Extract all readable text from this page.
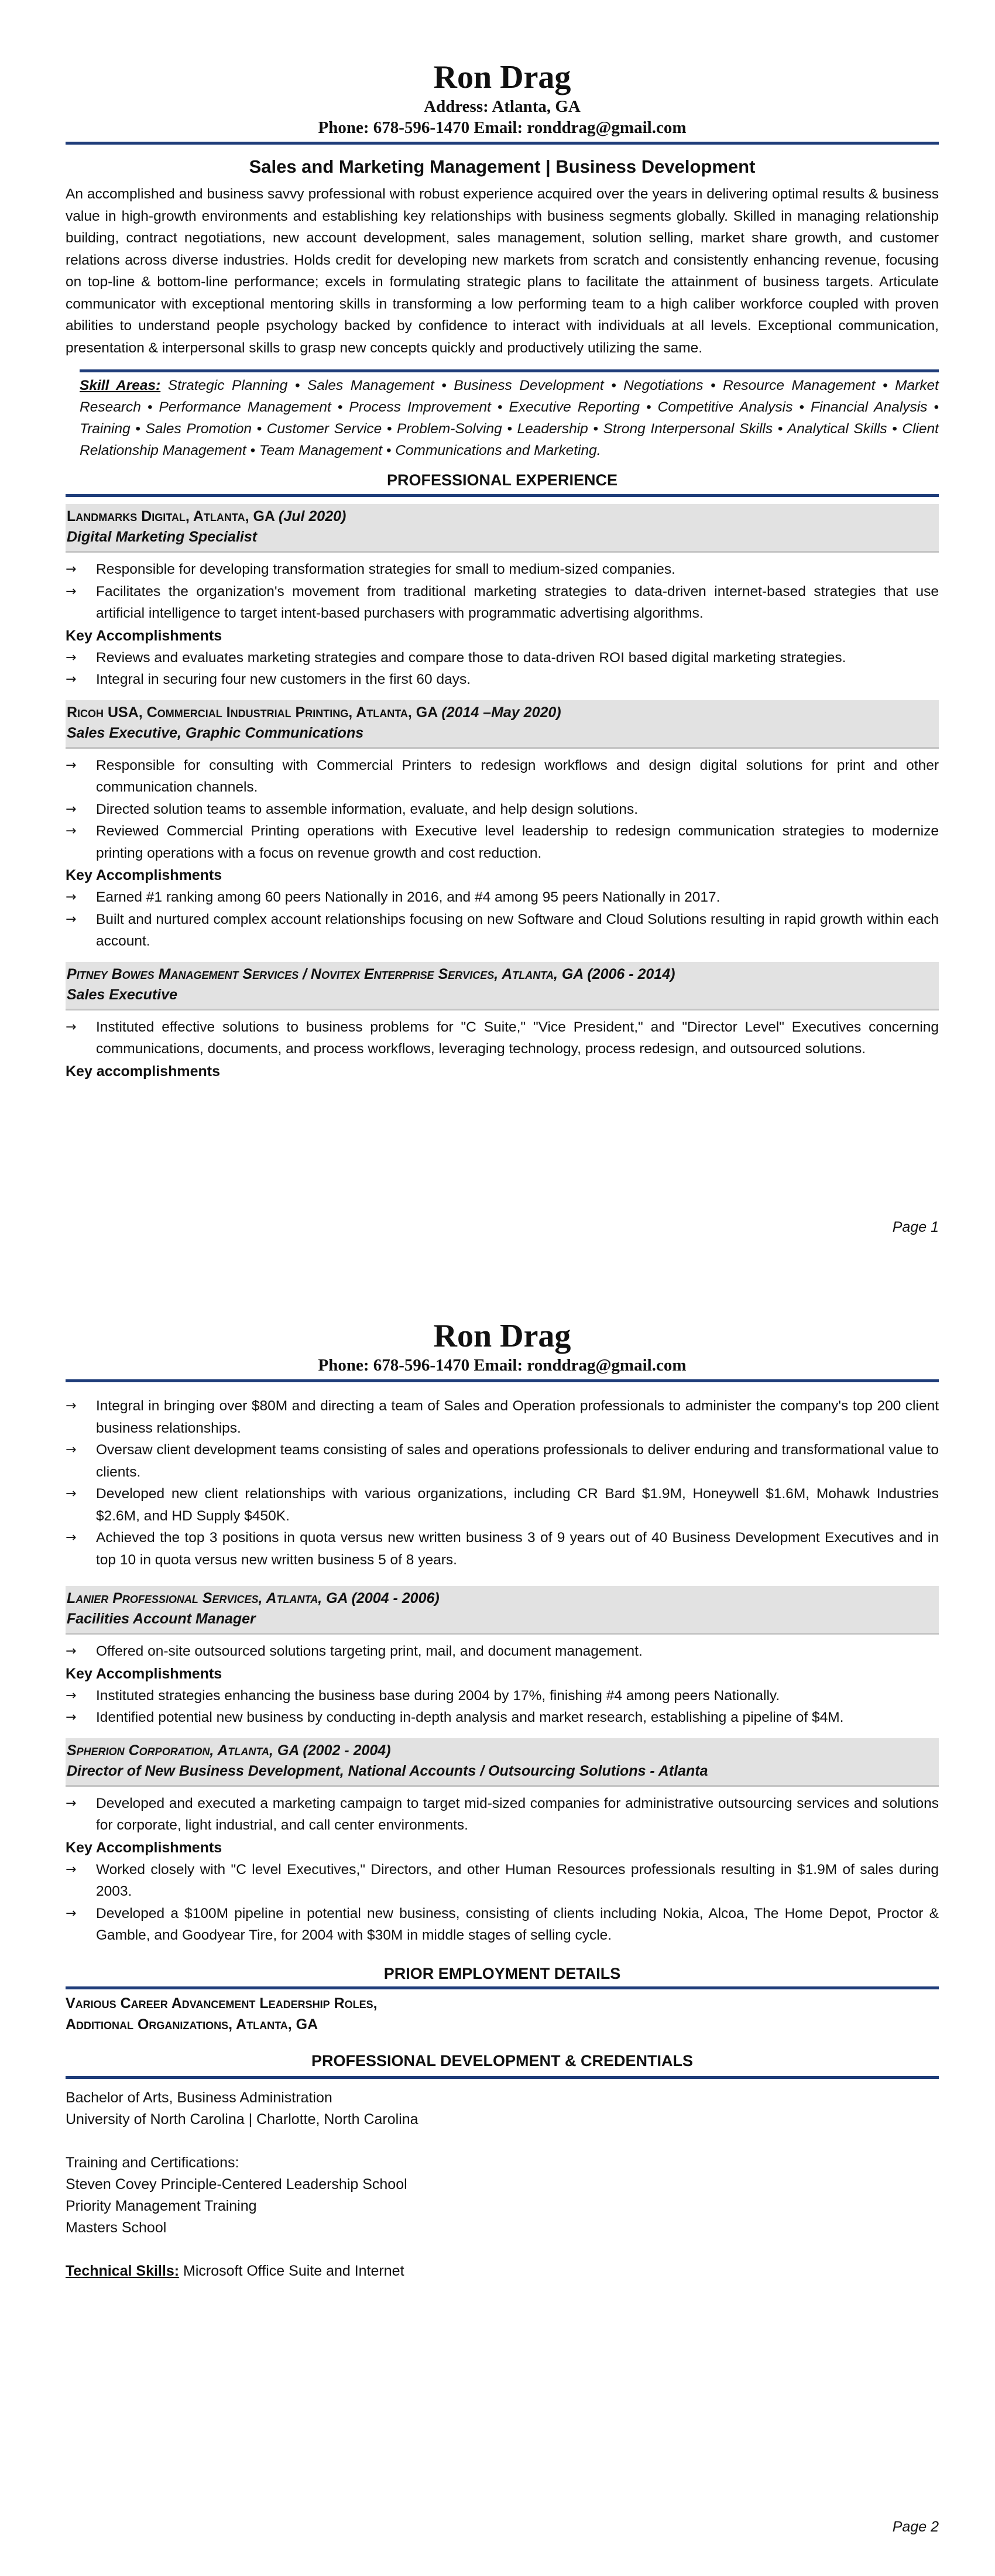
Ron Drag

Address: Atlanta, GA

Phone: 678-596-1470 Email: ronddrag@gmail.com

Sales and Marketing Management | Business Development

An accomplished and business savvy professional with robust experience acquired over the years in delivering optimal results & business value in high-growth environments and establishing key relationships with business segments globally. Skilled in managing relationship building, contract negotiations, new account development, sales management, solution selling, market share growth, and customer relations across diverse industries. Holds credit for developing new markets from scratch and consistently enhancing revenue, focusing on top-line & bottom-line performance; excels in formulating strategic plans to facilitate the attainment of business targets. Articulate communicator with exceptional mentoring skills in transforming a low performing team to a high caliber workforce coupled with proven abilities to understand people psychology backed by confidence to interact with individuals at all levels. Exceptional communication, presentation & interpersonal skills to grasp new concepts quickly and productively utilizing the same.

Skill Areas: Strategic Planning • Sales Management • Business Development • Negotiations • Resource Management • Market Research • Performance Management • Process Improvement • Executive Reporting • Competitive Analysis • Financial Analysis • Training • Sales Promotion • Customer Service • Problem-Solving • Leadership • Strong Interpersonal Skills • Analytical Skills • Client Relationship Management • Team Management • Communications and Marketing.

PROFESSIONAL EXPERIENCE
Landmarks Digital, Atlanta, GA (Jul 2020)
Digital Marketing Specialist
→ Responsible for developing transformation strategies for small to medium-sized companies.
→ Facilitates the organization's movement from traditional marketing strategies to data-driven internet-based strategies that use artificial intelligence to target intent-based purchasers with programmatic advertising algorithms.

Key Accomplishments

→ Reviews and evaluates marketing strategies and compare those to data-driven ROI based digital marketing strategies.
→ Integral in securing four new customers in the first 60 days.
Ricoh USA, Commercial Industrial Printing, Atlanta, GA (2014 –May 2020)
Sales Executive, Graphic Communications
→ Responsible for consulting with Commercial Printers to redesign workflows and design digital solutions for print and other communication channels.
→ Directed solution teams to assemble information, evaluate, and help design solutions.
→ Reviewed Commercial Printing operations with Executive level leadership to redesign communication strategies to modernize printing operations with a focus on revenue growth and cost reduction.

Key Accomplishments

→ Earned #1 ranking among 60 peers Nationally in 2016, and #4 among 95 peers Nationally in 2017.
→ Built and nurtured complex account relationships focusing on new Software and Cloud Solutions resulting in rapid growth within each account.
Pitney Bowes Management Services / Novitex Enterprise Services, Atlanta, GA (2006 - 2014)
Sales Executive
→ Instituted effective solutions to business problems for "C Suite," "Vice President," and "Director Level" Executives concerning communications, documents, and process workflows, leveraging technology, process redesign, and outsourced solutions.

Key accomplishments

Page 1
Ron Drag

Phone: 678-596-1470 Email: ronddrag@gmail.com

→ Integral in bringing over $80M and directing a team of Sales and Operation professionals to administer the company's top 200 client business relationships.
→ Oversaw client development teams consisting of sales and operations professionals to deliver enduring and transformational value to clients.
→ Developed new client relationships with various organizations, including CR Bard $1.9M, Honeywell $1.6M, Mohawk Industries $2.6M, and HD Supply $450K.
→ Achieved the top 3 positions in quota versus new written business 3 of 9 years out of 40 Business Development Executives and in top 10 in quota versus new written business 5 of 8 years.
Lanier Professional Services, Atlanta, GA (2004 - 2006)
Facilities Account Manager
→ Offered on-site outsourced solutions targeting print, mail, and document management.

Key Accomplishments

→ Instituted strategies enhancing the business base during 2004 by 17%, finishing #4 among peers Nationally.
→ Identified potential new business by conducting in-depth analysis and market research, establishing a pipeline of $4M.
Spherion Corporation, Atlanta, GA (2002 - 2004)
Director of New Business Development, National Accounts / Outsourcing Solutions - Atlanta
→ Developed and executed a marketing campaign to target mid-sized companies for administrative outsourcing services and solutions for corporate, light industrial, and call center environments.

Key Accomplishments

→ Worked closely with "C level Executives," Directors, and other Human Resources professionals resulting in $1.9M of sales during 2003.
→ Developed a $100M pipeline in potential new business, consisting of clients including Nokia, Alcoa, The Home Depot, Proctor & Gamble, and Goodyear Tire, for 2004 with $30M in middle stages of selling cycle.
PRIOR EMPLOYMENT DETAILS
Various Career Advancement Leadership Roles,
Additional Organizations, Atlanta, GA
PROFESSIONAL DEVELOPMENT & CREDENTIALS

Bachelor of Arts, Business Administration

University of North Carolina | Charlotte, North Carolina

Training and Certifications:

Steven Covey Principle-Centered Leadership School

Priority Management Training

Masters School

Technical Skills: Microsoft Office Suite and Internet

Page 2
